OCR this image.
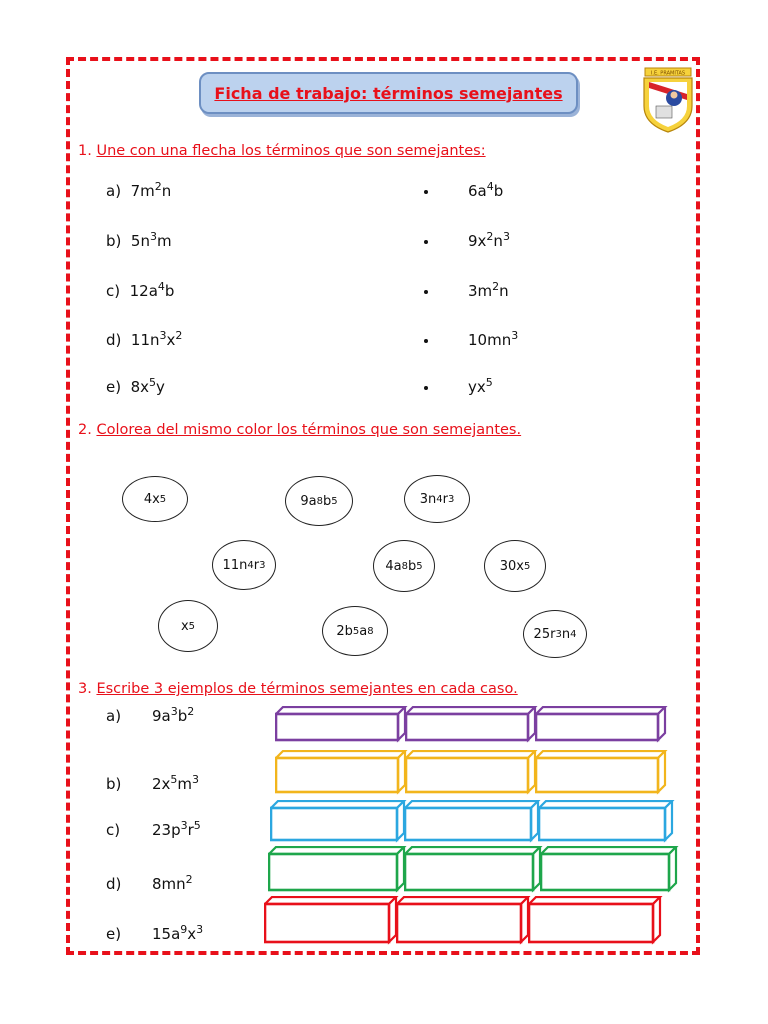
Ficha de trabajo: términos semejantes
I.E. PRAMITAS
1. Une con una flecha los términos que son semejantes:
a)  $7m^2n$	$6a^4b$
b)  $5n^3m$	$9x^2n^3$
c)  $12a^4b$	$3m^2n$
d)  $11n^3x^2$	$10mn^3$
e)  $8x^5y$	$yx^5$
2. Colorea del mismo color los términos que son semejantes.
4x 5	9a 8 b 5	3n 4 r 3
11n 4 r 3	4a 8 b 5	30x 5
x 5	2b 5 a 8	25r 3 n 4
3. Escribe 3 ejemplos de términos semejantes en cada caso.
a) $9a^3b^2$
b) $2x^5m^3$
c) $23p^3r^5$
d) $8mn^2$
e) $15a^9x^3$
